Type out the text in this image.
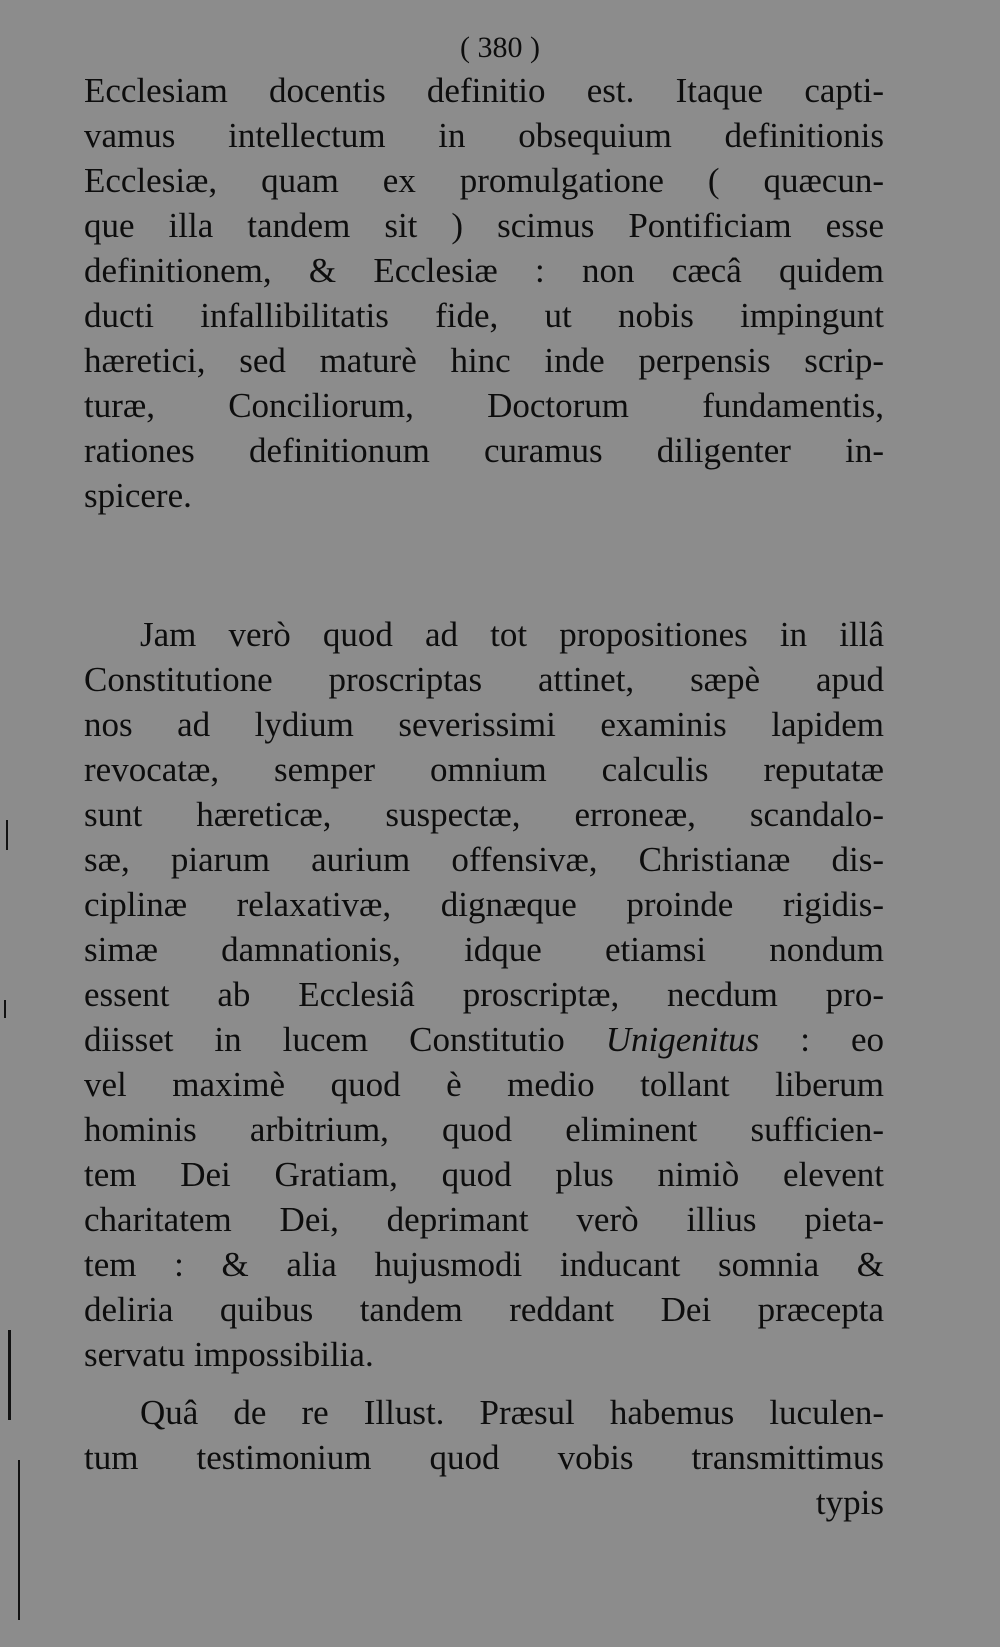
( 380 )
Ecclesiam docentis definitio est. Itaque capti-
vamus intellectum in obsequium definitionis
Ecclesiæ, quam ex promulgatione ( quæcun-
que illa tandem sit ) scimus Pontificiam esse
definitionem, & Ecclesiæ : non cæcâ quidem
ducti infallibilitatis fide, ut nobis impingunt
hæretici, sed maturè hinc inde perpensis scrip-
turæ, Conciliorum, Doctorum fundamentis,
rationes definitionum curamus diligenter in-
spicere.
Jam verò quod ad tot propositiones in illâ
Constitutione proscriptas attinet, sæpè apud
nos ad lydium severissimi examinis lapidem
revocatæ, semper omnium calculis reputatæ
sunt hæreticæ, suspectæ, erroneæ, scandalo-
sæ, piarum aurium offensivæ, Christianæ dis-
ciplinæ relaxativæ, dignæque proinde rigidis-
simæ damnationis, idque etiamsi nondum
essent ab Ecclesiâ proscriptæ, necdum pro-
diisset in lucem Constitutio Unigenitus : eo
vel maximè quod è medio tollant liberum
hominis arbitrium, quod eliminent sufficien-
tem Dei Gratiam, quod plus nimiò elevent
charitatem Dei, deprimant verò illius pieta-
tem : & alia hujusmodi inducant somnia &
deliria quibus tandem reddant Dei præcepta
servatu impossibilia.
Quâ de re Illust. Præsul habemus luculen-
tum testimonium quod vobis transmittimus
typis
